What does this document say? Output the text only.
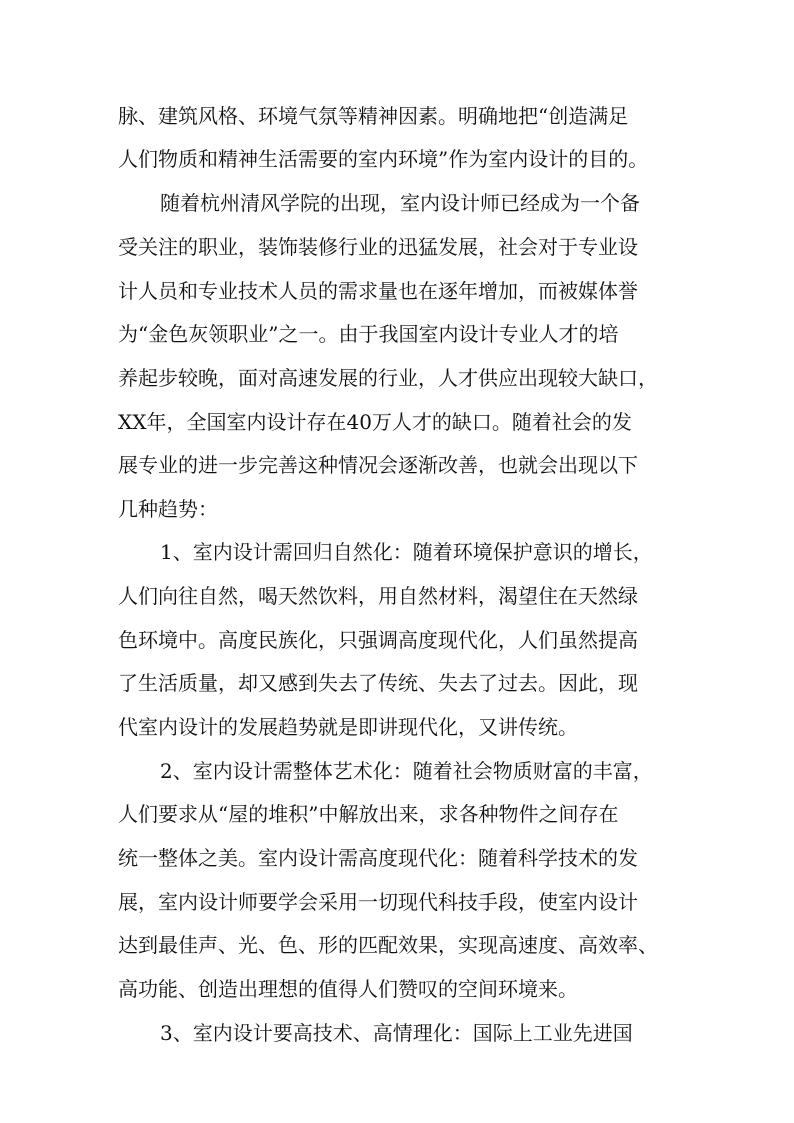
脉、建筑风格、环境气氛等精神因素。明确地把“创造满足
人们物质和精神生活需要的室内环境”作为室内设计的目的。
随着杭州清风学院的出现，室内设计师已经成为一个备
受关注的职业，装饰装修行业的迅猛发展，社会对于专业设
计人员和专业技术人员的需求量也在逐年增加，而被媒体誉
为“金色灰领职业”之一。由于我国室内设计专业人才的培
养起步较晚，面对高速发展的行业，人才供应出现较大缺口，
XX年，全国室内设计存在40万人才的缺口。随着社会的发
展专业的进一步完善这种情况会逐渐改善，也就会出现以下
几种趋势：
1、室内设计需回归自然化：随着环境保护意识的增长，
人们向往自然，喝天然饮料，用自然材料，渴望住在天然绿
色环境中。高度民族化，只强调高度现代化，人们虽然提高
了生活质量，却又感到失去了传统、失去了过去。因此，现
代室内设计的发展趋势就是即讲现代化，又讲传统。
2、室内设计需整体艺术化：随着社会物质财富的丰富，
人们要求从“屋的堆积”中解放出来，求各种物件之间存在
统一整体之美。室内设计需高度现代化：随着科学技术的发
展，室内设计师要学会采用一切现代科技手段，使室内设计
达到最佳声、光、色、形的匹配效果，实现高速度、高效率、
高功能、创造出理想的值得人们赞叹的空间环境来。
3、室内设计要高技术、高情理化：国际上工业先进国
